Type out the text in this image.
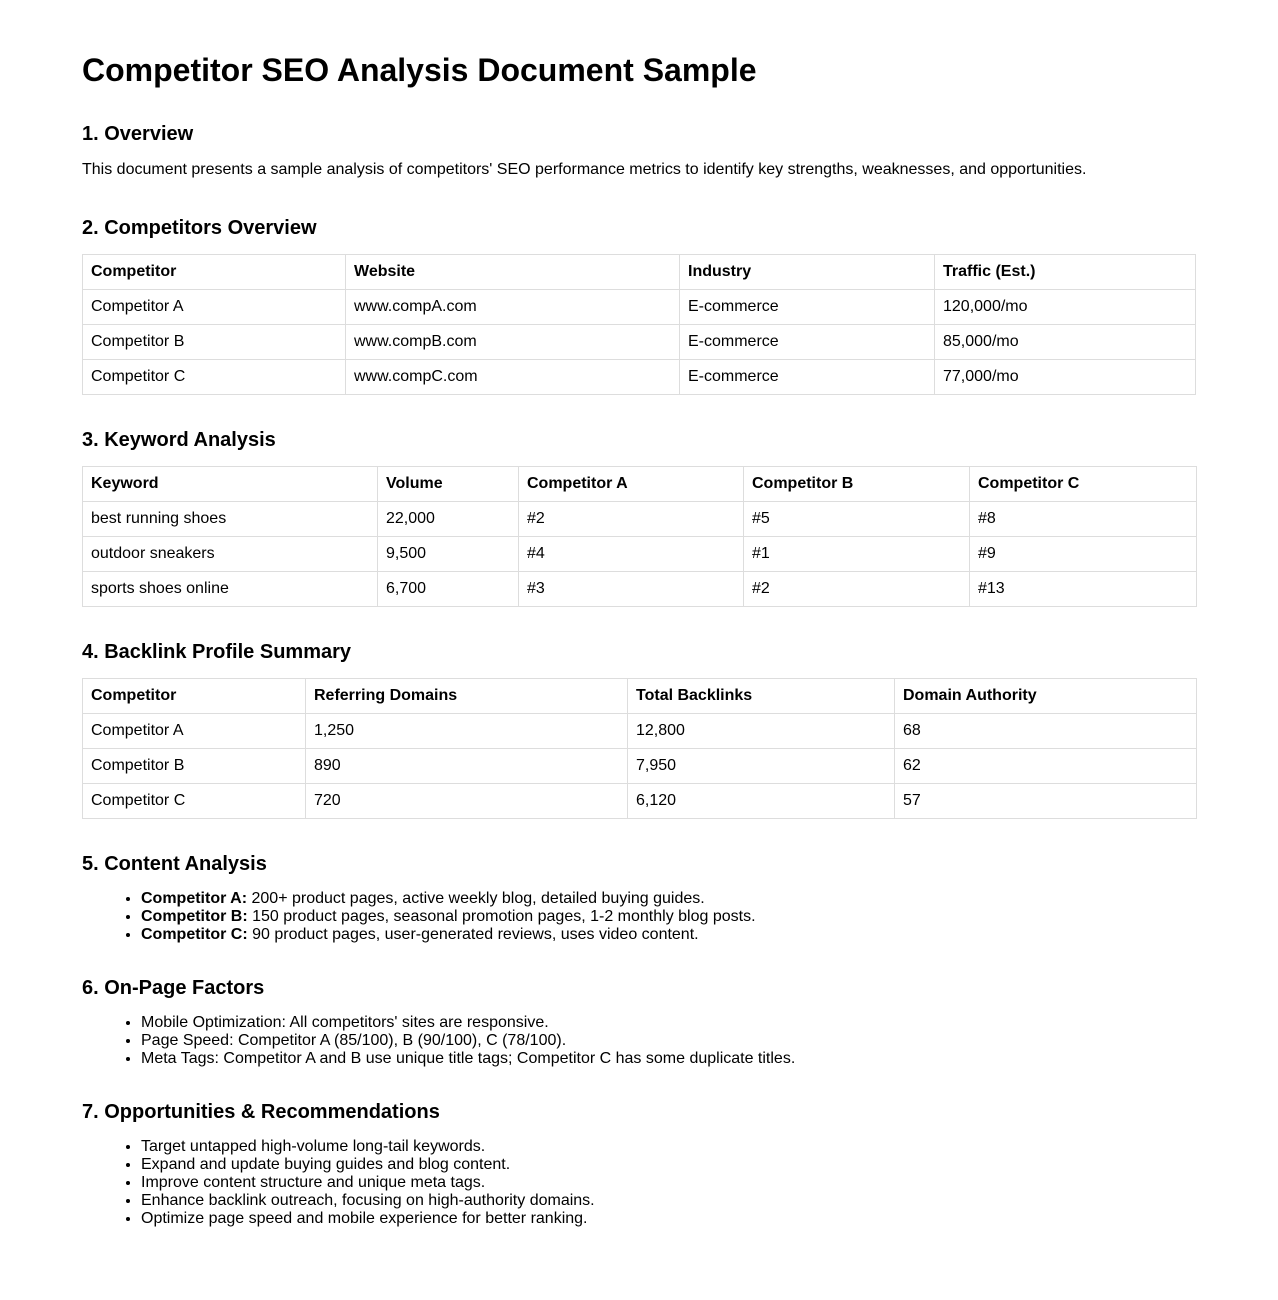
Competitor SEO Analysis Document Sample
1. Overview

This document presents a sample analysis of competitors' SEO performance metrics to identify key strengths, weaknesses, and opportunities.

2. Competitors Overview
Competitor	Website	Industry	Traffic (Est.)
Competitor A	www.compA.com	E-commerce	120,000/mo
Competitor B	www.compB.com	E-commerce	85,000/mo
Competitor C	www.compC.com	E-commerce	77,000/mo
3. Keyword Analysis
Keyword	Volume	Competitor A	Competitor B	Competitor C
best running shoes	22,000	#2	#5	#8
outdoor sneakers	9,500	#4	#1	#9
sports shoes online	6,700	#3	#2	#13
4. Backlink Profile Summary
Competitor	Referring Domains	Total Backlinks	Domain Authority
Competitor A	1,250	12,800	68
Competitor B	890	7,950	62
Competitor C	720	6,120	57
5. Content Analysis
• Competitor A: 200+ product pages, active weekly blog, detailed buying guides.
• Competitor B: 150 product pages, seasonal promotion pages, 1-2 monthly blog posts.
• Competitor C: 90 product pages, user-generated reviews, uses video content.
6. On-Page Factors
• Mobile Optimization: All competitors' sites are responsive.
• Page Speed: Competitor A (85/100), B (90/100), C (78/100).
• Meta Tags: Competitor A and B use unique title tags; Competitor C has some duplicate titles.
7. Opportunities & Recommendations
• Target untapped high-volume long-tail keywords.
• Expand and update buying guides and blog content.
• Improve content structure and unique meta tags.
• Enhance backlink outreach, focusing on high-authority domains.
• Optimize page speed and mobile experience for better ranking.
